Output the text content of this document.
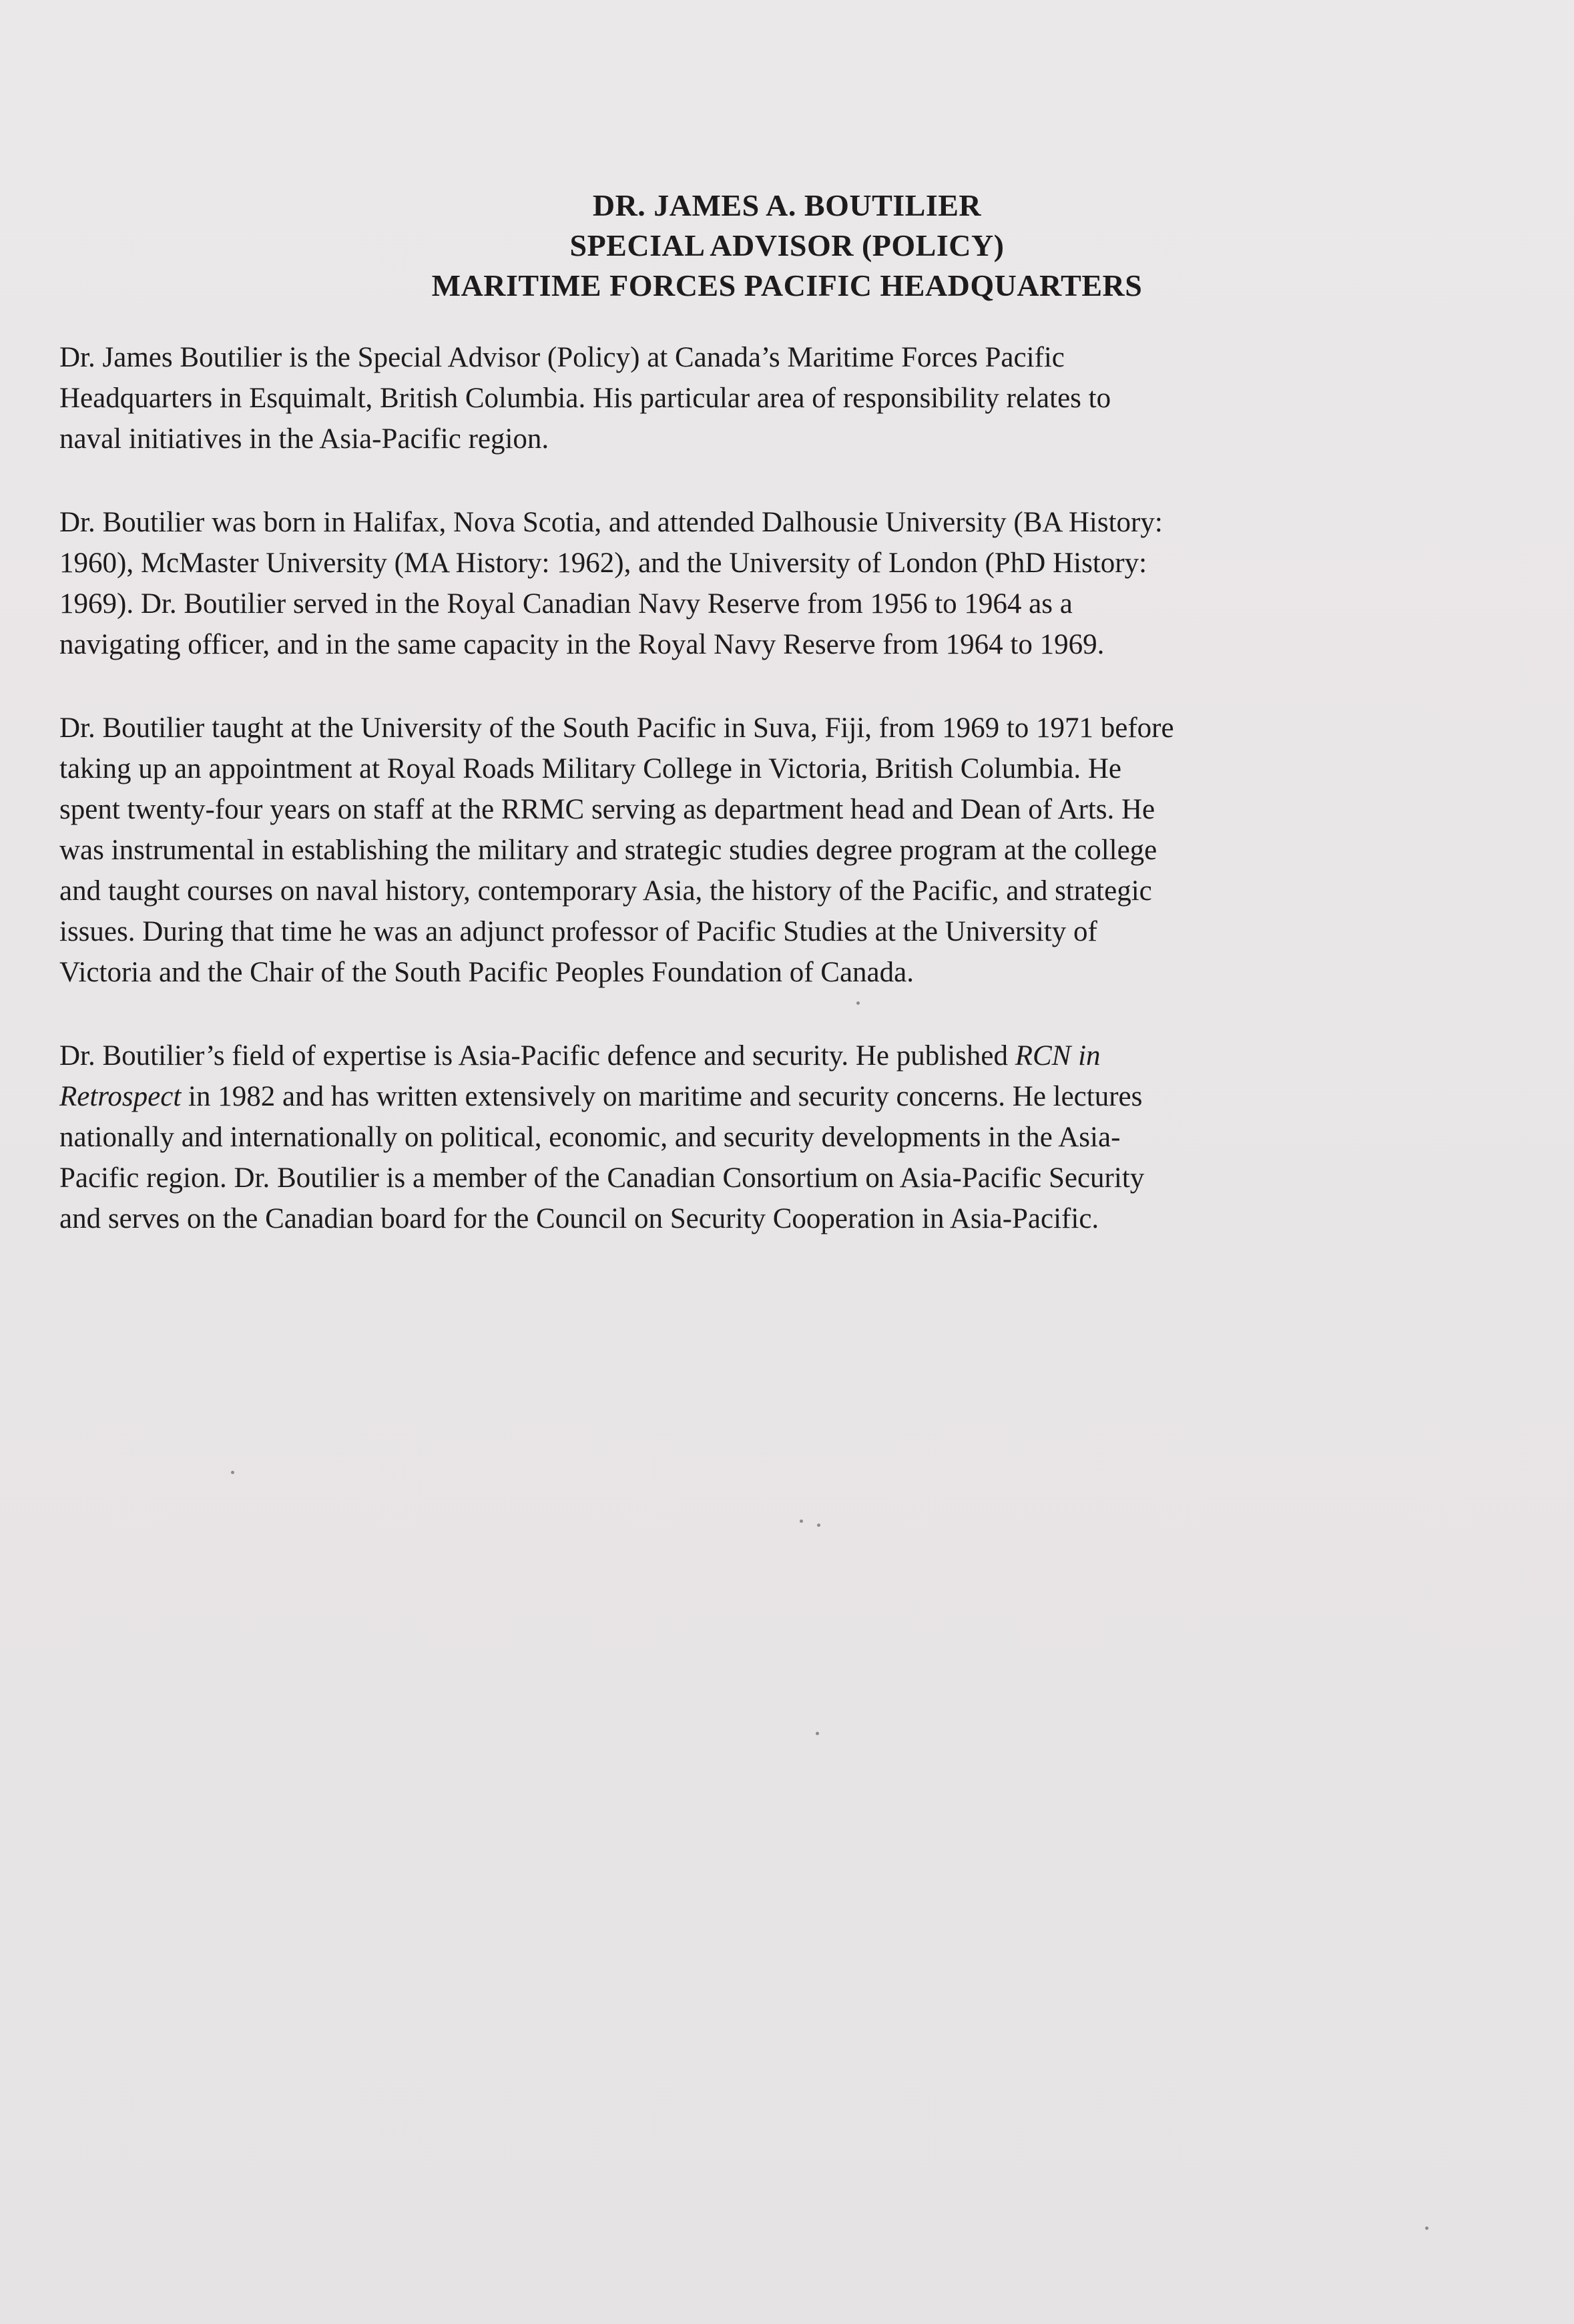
DR. JAMES A. BOUTILIER
SPECIAL ADVISOR (POLICY)
MARITIME FORCES PACIFIC HEADQUARTERS
Dr. James Boutilier is the Special Advisor (Policy) at Canada’s Maritime Forces Pacific
Headquarters in Esquimalt, British Columbia. His particular area of responsibility relates to
naval initiatives in the Asia-Pacific region.
Dr. Boutilier was born in Halifax, Nova Scotia, and attended Dalhousie University (BA History:
1960), McMaster University (MA History: 1962), and the University of London (PhD History:
1969). Dr. Boutilier served in the Royal Canadian Navy Reserve from 1956 to 1964 as a
navigating officer, and in the same capacity in the Royal Navy Reserve from 1964 to 1969.
Dr. Boutilier taught at the University of the South Pacific in Suva, Fiji, from 1969 to 1971 before
taking up an appointment at Royal Roads Military College in Victoria, British Columbia. He
spent twenty-four years on staff at the RRMC serving as department head and Dean of Arts. He
was instrumental in establishing the military and strategic studies degree program at the college
and taught courses on naval history, contemporary Asia, the history of the Pacific, and strategic
issues. During that time he was an adjunct professor of Pacific Studies at the University of
Victoria and the Chair of the South Pacific Peoples Foundation of Canada.
Dr. Boutilier’s field of expertise is Asia-Pacific defence and security. He published RCN in
Retrospect in 1982 and has written extensively on maritime and security concerns. He lectures
nationally and internationally on political, economic, and security developments in the Asia-
Pacific region. Dr. Boutilier is a member of the Canadian Consortium on Asia-Pacific Security
and serves on the Canadian board for the Council on Security Cooperation in Asia-Pacific.
